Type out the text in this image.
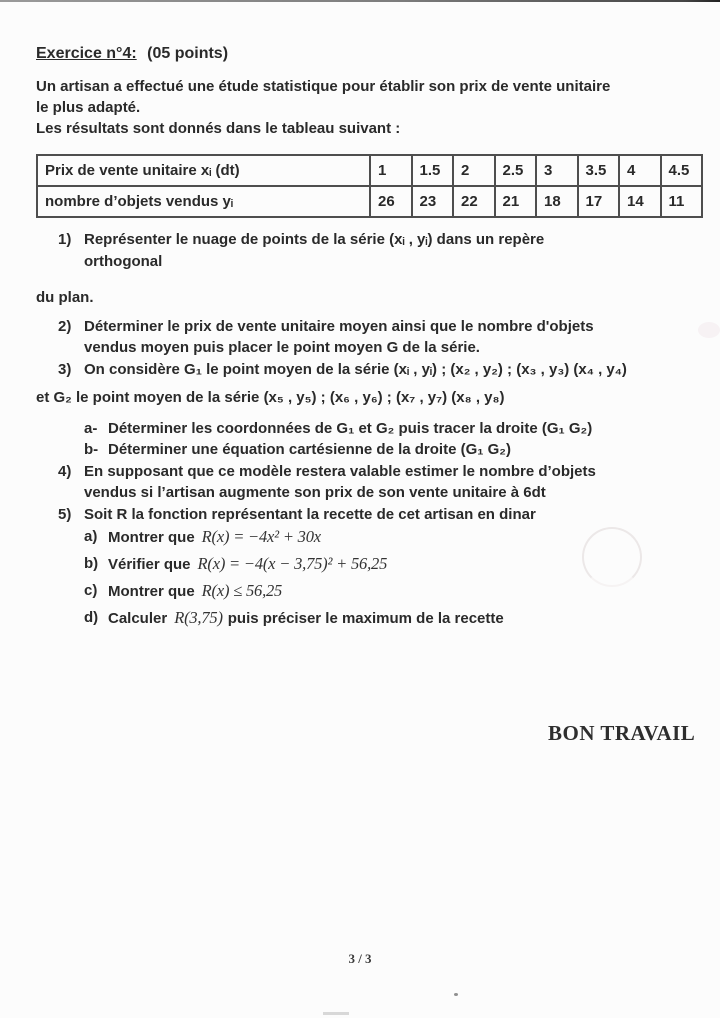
Exercice n°4: (05 points)
Un artisan a effectué une étude statistique pour établir son prix de vente unitaire
le plus adapté.
Les résultats sont donnés dans le tableau suivant :
Prix de vente unitaire xᵢ (dt)	1	1.5	2	2.5	3	3.5	4	4.5
nombre d’objets vendus yᵢ	26	23	22	21	18	17	14	11
1) Représenter le nuage de points de la série (xᵢ , yᵢ) dans un repère
orthogonal
du plan.
2) Déterminer le prix de vente unitaire moyen ainsi que le nombre d'objets
vendus moyen puis placer le point moyen G de la série.
3) On considère G₁ le point moyen de la série (xᵢ , yᵢ) ; (x₂ , y₂) ; (x₃ , y₃) (x₄ , y₄)
et G₂ le point moyen de la série (x₅ , y₅) ; (x₆ , y₆) ; (x₇ , y₇) (x₈ , y₈)
a- Déterminer les coordonnées de G₁ et G₂ puis tracer la droite (G₁ G₂)
b- Déterminer une équation cartésienne de la droite (G₁ G₂)
4) En supposant que ce modèle restera valable estimer le nombre d’objets
vendus si l’artisan augmente son prix de son vente unitaire à 6dt
5) Soit R la fonction représentant la recette de cet artisan en dinar
a) Montrer que R(x) = −4x² + 30x
b) Vérifier que R(x) = −4(x − 3,75)² + 56,25
c) Montrer que R(x) ≤ 56,25
d) Calculer R(3,75) puis préciser le maximum de la recette
BON TRAVAIL
3 / 3
